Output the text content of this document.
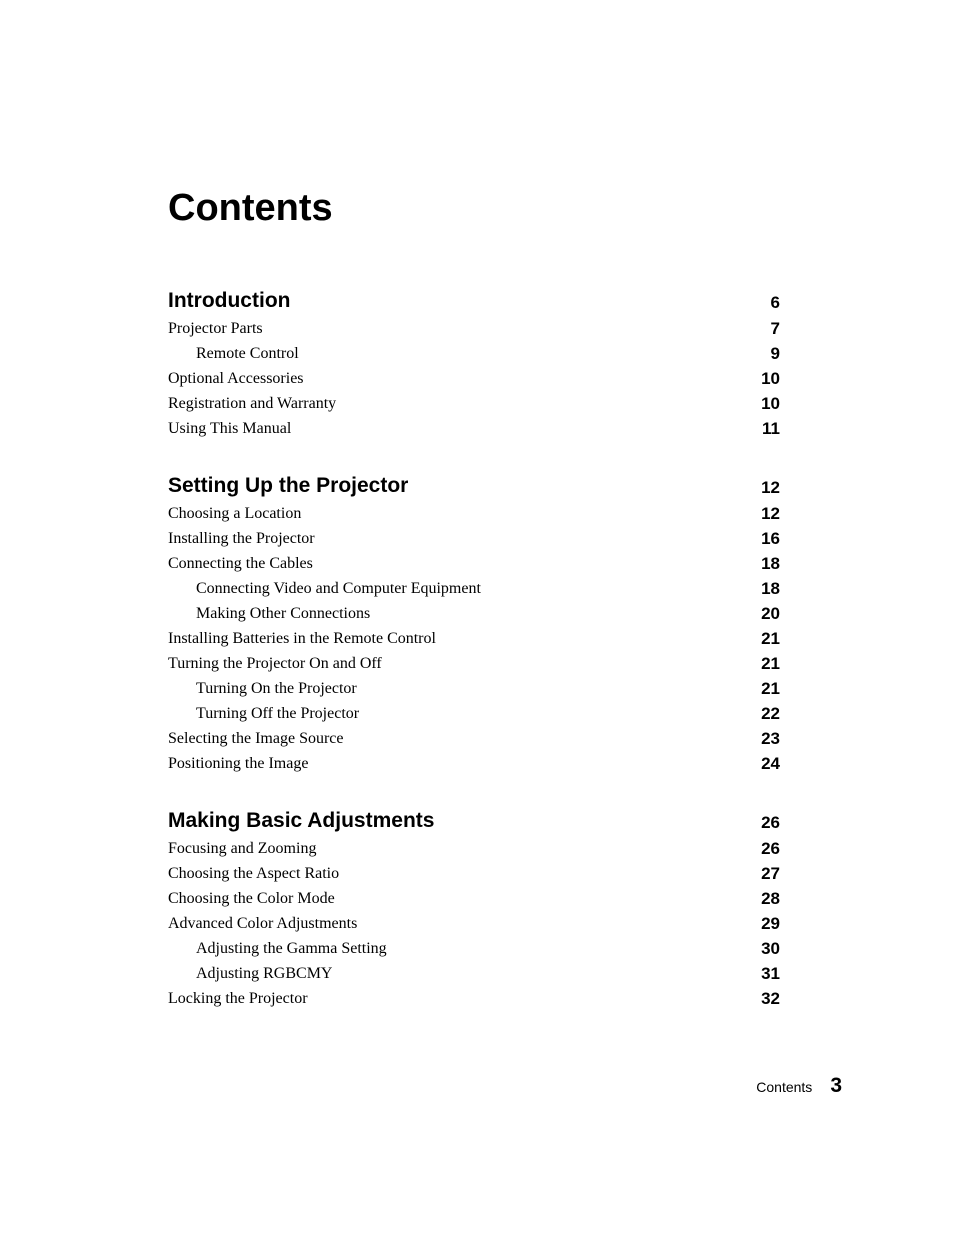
Contents
Introduction	6
Projector Parts	7
Remote Control	9
Optional Accessories	10
Registration and Warranty	10
Using This Manual	11
Setting Up the Projector	12
Choosing a Location	12
Installing the Projector	16
Connecting the Cables	18
Connecting Video and Computer Equipment	18
Making Other Connections	20
Installing Batteries in the Remote Control	21
Turning the Projector On and Off	21
Turning On the Projector	21
Turning Off the Projector	22
Selecting the Image Source	23
Positioning the Image	24
Making Basic Adjustments	26
Focusing and Zooming	26
Choosing the Aspect Ratio	27
Choosing the Color Mode	28
Advanced Color Adjustments	29
Adjusting the Gamma Setting	30
Adjusting RGBCMY	31
Locking the Projector	32
Contents 3
